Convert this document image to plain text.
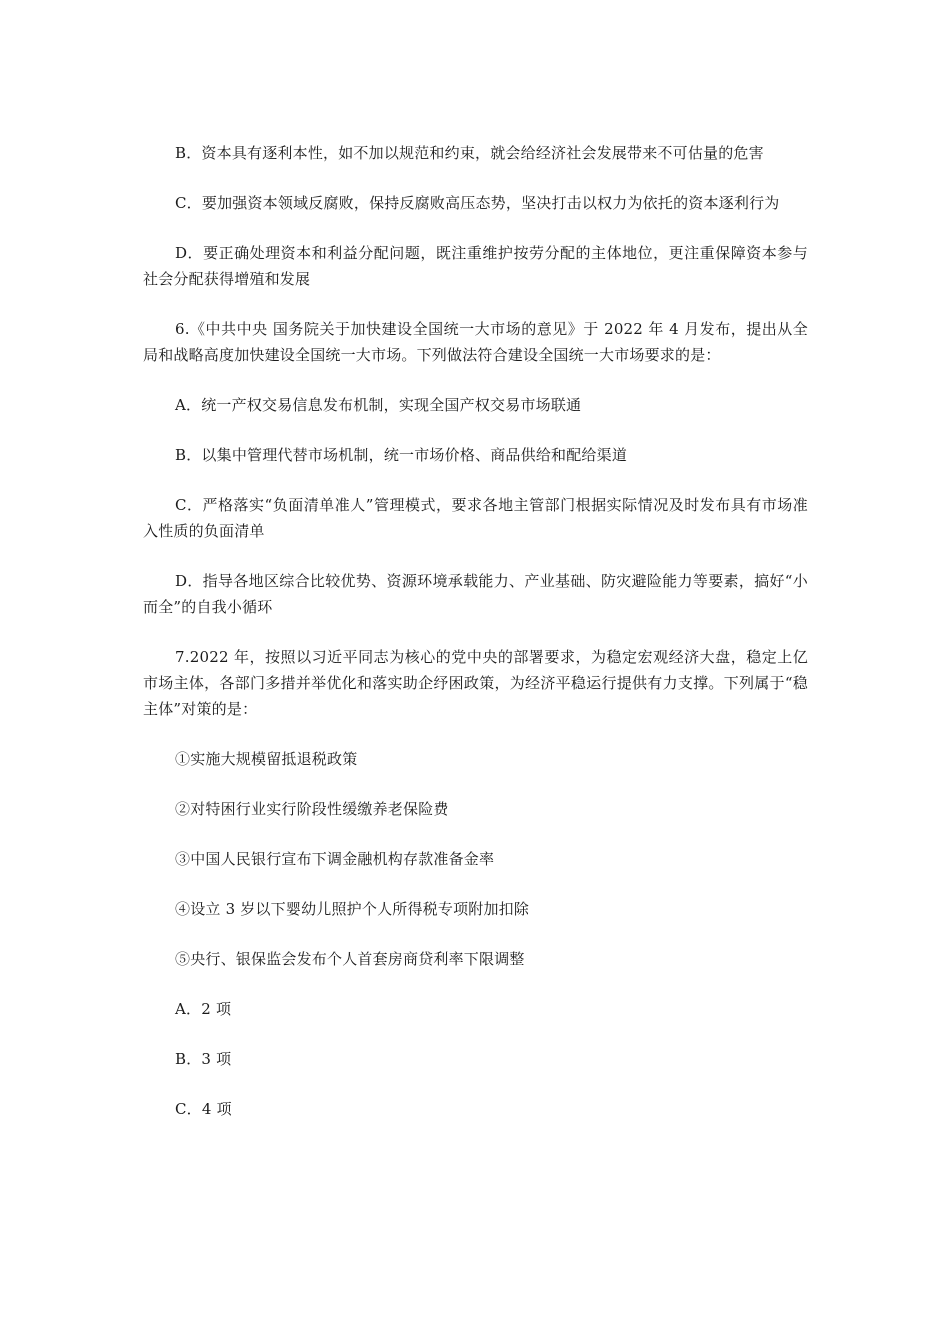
B．资本具有逐利本性，如不加以规范和约束，就会给经济社会发展带来不可估量的危害

C．要加强资本领域反腐败，保持反腐败高压态势，坚决打击以权力为依托的资本逐利行为

D．要正确处理资本和利益分配问题，既注重维护按劳分配的主体地位，更注重保障资本参与社会分配获得增殖和发展

6.《中共中央 国务院关于加快建设全国统一大市场的意见》于 2022 年 4 月发布，提出从全局和战略高度加快建设全国统一大市场。下列做法符合建设全国统一大市场要求的是：

A．统一产权交易信息发布机制，实现全国产权交易市场联通

B．以集中管理代替市场机制，统一市场价格、商品供给和配给渠道

C．严格落实“负面清单准人”管理模式，要求各地主管部门根据实际情况及时发布具有市场准入性质的负面清单

D．指导各地区综合比较优势、资源环境承载能力、产业基础、防灾避险能力等要素，搞好“小而全”的自我小循环

7.2022 年，按照以习近平同志为核心的党中央的部署要求，为稳定宏观经济大盘，稳定上亿市场主体，各部门多措并举优化和落实助企纾困政策，为经济平稳运行提供有力支撑。下列属于“稳主体”对策的是：

①实施大规模留抵退税政策

②对特困行业实行阶段性缓缴养老保险费

③中国人民银行宣布下调金融机构存款准备金率

④设立 3 岁以下婴幼儿照护个人所得税专项附加扣除

⑤央行、银保监会发布个人首套房商贷利率下限调整

A．2 项

B．3 项

C．4 项
